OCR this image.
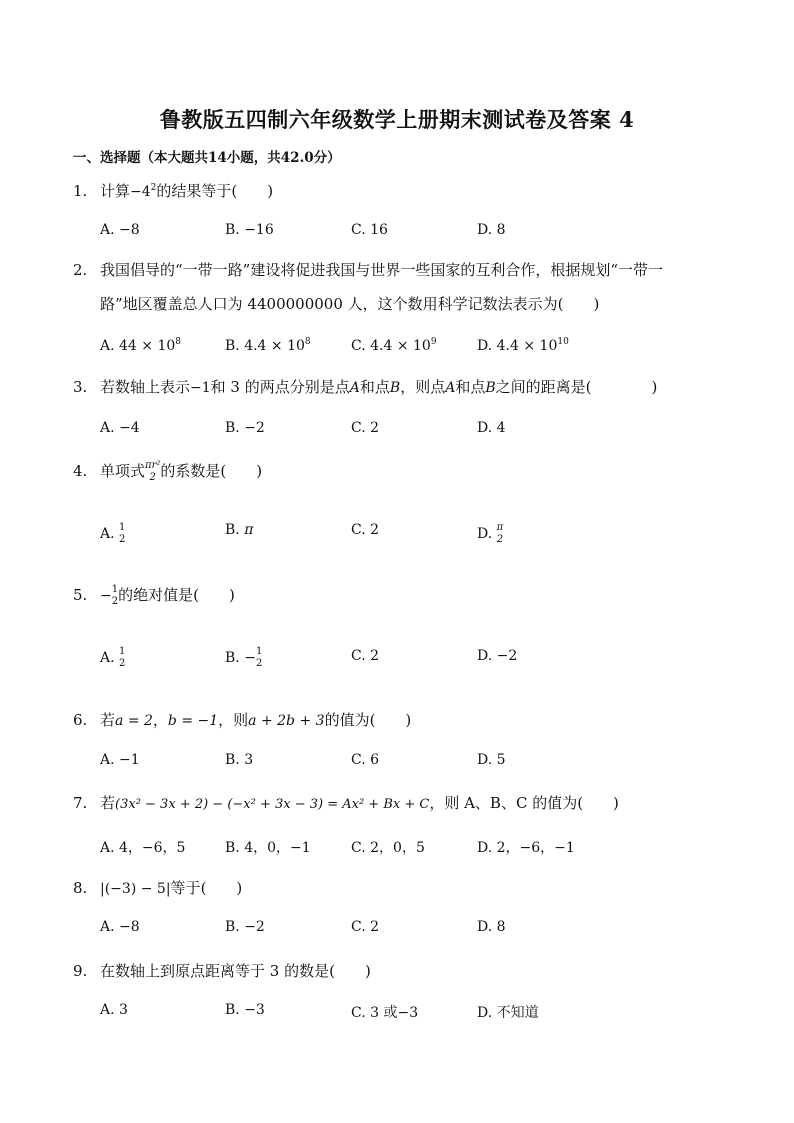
鲁教版五四制六年级数学上册期末测试卷及答案 4
一、选择题（本大题共14小题，共42.0分）
1. 计算$-4^2$的结果等于(　　)
A. −8	B. −16	C. 16	D. 8
2. 我国倡导的“一带一路”建设将促进我国与世界一些国家的互利合作，根据规划“一带一
路”地区覆盖总人口为 4400000000 人，这个数用科学记数法表示为(　　)
A. $44 \times 10^8$	B. $4.4 \times 10^8$	C. $4.4 \times 10^9$	D. $4.4 \times 10^{10}$
3. 若数轴上表示−1和 3 的两点分别是点A和点B，则点A和点B之间的距离是(　　　　)
A. −4	B. −2	C. 2	D. 4
4. 单项式 πr²
2 的系数是(　　)
A. 1
2
B. π	C. 2	D. π
2
5. − 1
2 的绝对值是(　　)
A. 1
2	B. − 1
2	C. 2	D. −2
6. 若a = 2，b = −1，则a + 2b + 3的值为(　　)
A. −1	B. 3	C. 6	D. 5
7. 若(3x² − 3x + 2) − (−x² + 3x − 3) = Ax² + Bx + C，则 A、B、C 的值为(　　)
A. 4，−6，5	B. 4，0，−1	C. 2，0，5	D. 2，−6，−1
8. |(−3) − 5|等于(　　)
A. −8	B. −2	C. 2	D. 8
9. 在数轴上到原点距离等于 3 的数是(　　)
A. 3	B. −3	C. 3 或−3	D. 不知道
